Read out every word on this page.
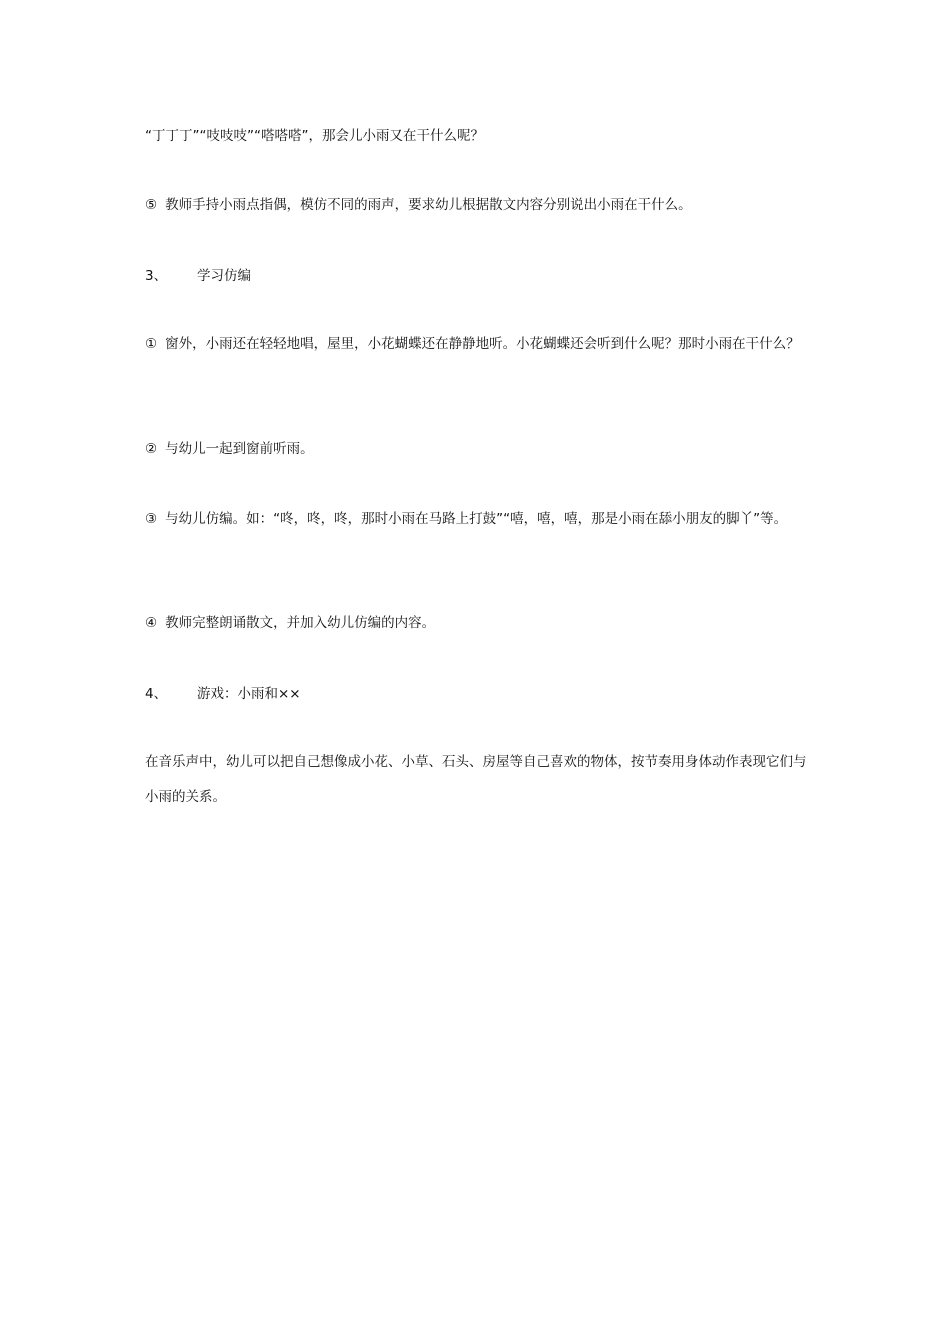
“丁丁丁”“吱吱吱”“嗒嗒嗒”，那会儿小雨又在干什么呢？
⑤ 教师手持小雨点指偶，模仿不同的雨声，要求幼儿根据散文内容分别说出小雨在干什么。
3、 学习仿编
① 窗外，小雨还在轻轻地唱，屋里，小花蝴蝶还在静静地听。小花蝴蝶还会听到什么呢？那时小雨在干什么？
② 与幼儿一起到窗前听雨。
③ 与幼儿仿编。如：“咚，咚，咚，那时小雨在马路上打鼓”“嘻，嘻，嘻，那是小雨在舔小朋友的脚丫”等。
④ 教师完整朗诵散文，并加入幼儿仿编的内容。
4、 游戏：小雨和××
在音乐声中，幼儿可以把自己想像成小花、小草、石头、房屋等自己喜欢的物体，按节奏用身体动作表现它们与小雨的关系。
